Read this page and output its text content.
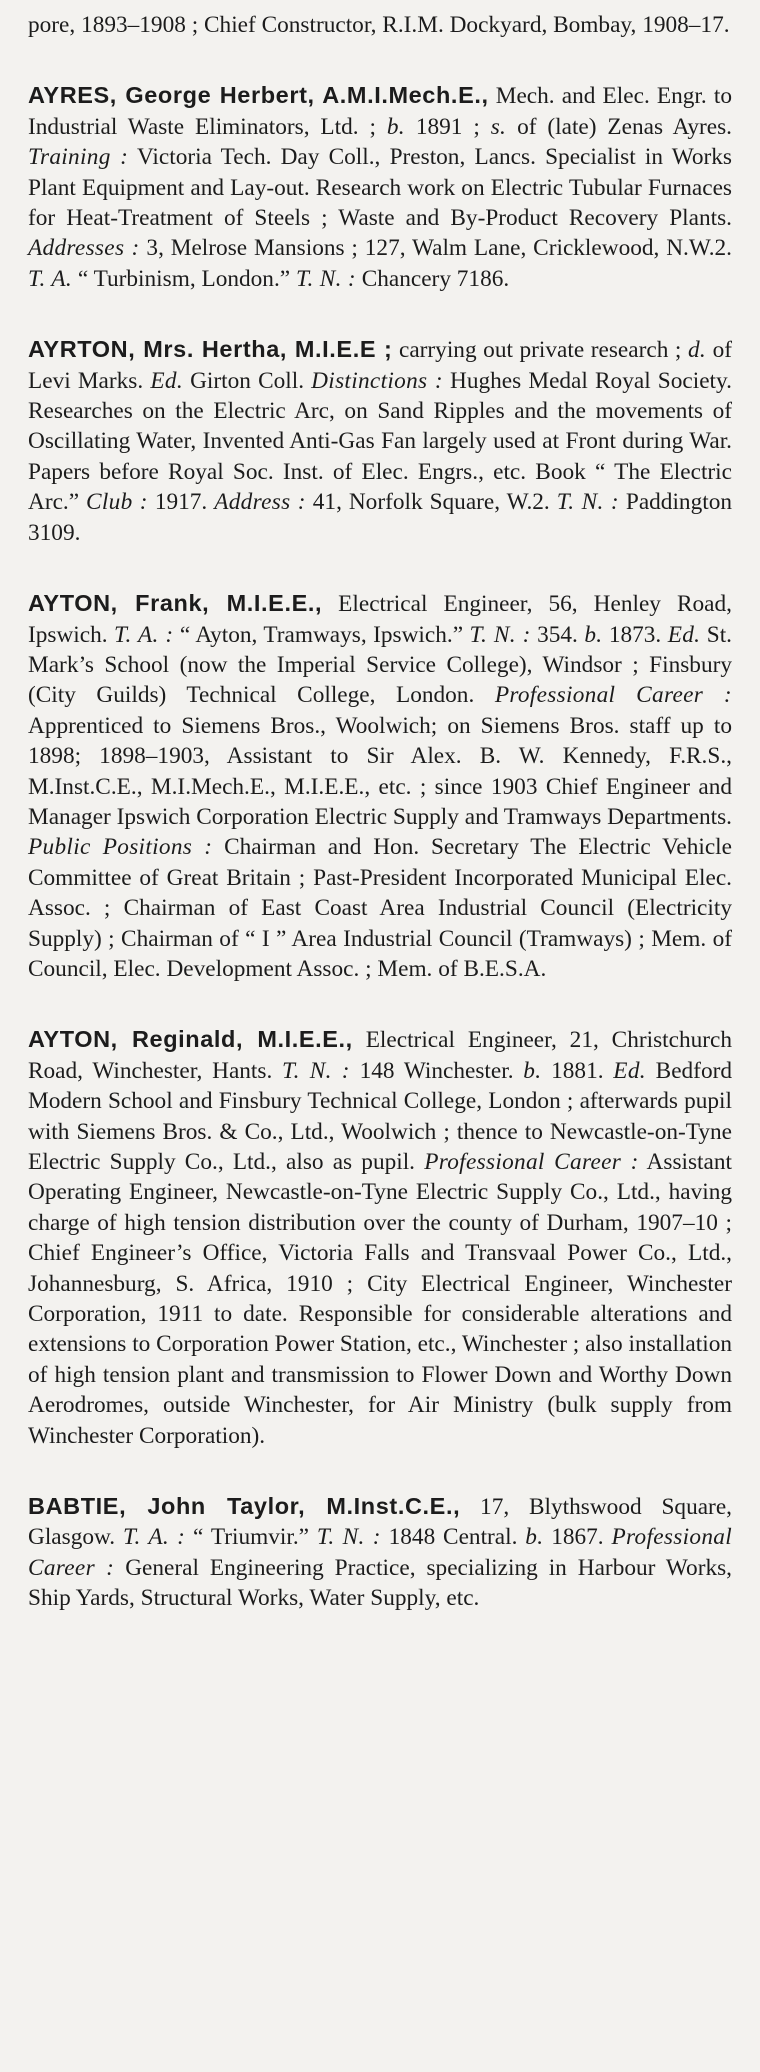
pore, 1893–1908 ; Chief Constructor, R.I.M. Dockyard, Bombay, 1908–17.

AYRES, George Herbert, A.M.I.Mech.E., Mech. and Elec. Engr. to Industrial Waste Eliminators, Ltd. ; b. 1891 ; s. of (late) Zenas Ayres. Training : Victoria Tech. Day Coll., Preston, Lancs. Specialist in Works Plant Equipment and Lay-out. Research work on Electric Tubular Furnaces for Heat-Treatment of Steels ; Waste and By-Product Recovery Plants. Addresses : 3, Melrose Mansions ; 127, Walm Lane, Cricklewood, N.W.2. T. A. “ Turbinism, London.” T. N. : Chancery 7186.

AYRTON, Mrs. Hertha, M.I.E.E ; carrying out private research ; d. of Levi Marks. Ed. Girton Coll. Distinctions : Hughes Medal Royal Society. Researches on the Electric Arc, on Sand Ripples and the movements of Oscillating Water, Invented Anti-Gas Fan largely used at Front during War. Papers before Royal Soc. Inst. of Elec. Engrs., etc. Book “ The Electric Arc.” Club : 1917. Address : 41, Norfolk Square, W.2. T. N. : Paddington 3109.

AYTON, Frank, M.I.E.E., Electrical Engineer, 56, Henley Road, Ipswich. T. A. : “ Ayton, Tramways, Ipswich.” T. N. : 354. b. 1873. Ed. St. Mark’s School (now the Imperial Service College), Windsor ; Finsbury (City Guilds) Technical College, London. Professional Career : Apprenticed to Siemens Bros., Woolwich; on Siemens Bros. staff up to 1898; 1898–1903, Assistant to Sir Alex. B. W. Kennedy, F.R.S., M.Inst.C.E., M.I.Mech.E., M.I.E.E., etc. ; since 1903 Chief Engineer and Manager Ipswich Corporation Electric Supply and Tramways Departments. Public Positions : Chairman and Hon. Secretary The Electric Vehicle Committee of Great Britain ; Past-President Incorporated Municipal Elec. Assoc. ; Chairman of East Coast Area Industrial Council (Electricity Supply) ; Chairman of “ I ” Area Industrial Council (Tramways) ; Mem. of Council, Elec. Development Assoc. ; Mem. of B.E.S.A.

AYTON, Reginald, M.I.E.E., Electrical Engineer, 21, Christchurch Road, Winchester, Hants. T. N. : 148 Winchester. b. 1881. Ed. Bedford Modern School and Finsbury Technical College, London ; afterwards pupil with Siemens Bros. & Co., Ltd., Woolwich ; thence to Newcastle-on-Tyne Electric Supply Co., Ltd., also as pupil. Professional Career : Assistant Operating Engineer, Newcastle-on-Tyne Electric Supply Co., Ltd., having charge of high tension distribution over the county of Durham, 1907–10 ; Chief Engineer’s Office, Victoria Falls and Transvaal Power Co., Ltd., Johannesburg, S. Africa, 1910 ; City Electrical Engineer, Winchester Corporation, 1911 to date. Responsible for considerable alterations and extensions to Corporation Power Station, etc., Winchester ; also installation of high tension plant and transmission to Flower Down and Worthy Down Aerodromes, outside Winchester, for Air Ministry (bulk supply from Winchester Corporation).

BABTIE, John Taylor, M.Inst.C.E., 17, Blythswood Square, Glasgow. T. A. : “ Triumvir.” T. N. : 1848 Central. b. 1867. Professional Career : General Engineering Practice, specializing in Harbour Works, Ship Yards, Structural Works, Water Supply, etc.
